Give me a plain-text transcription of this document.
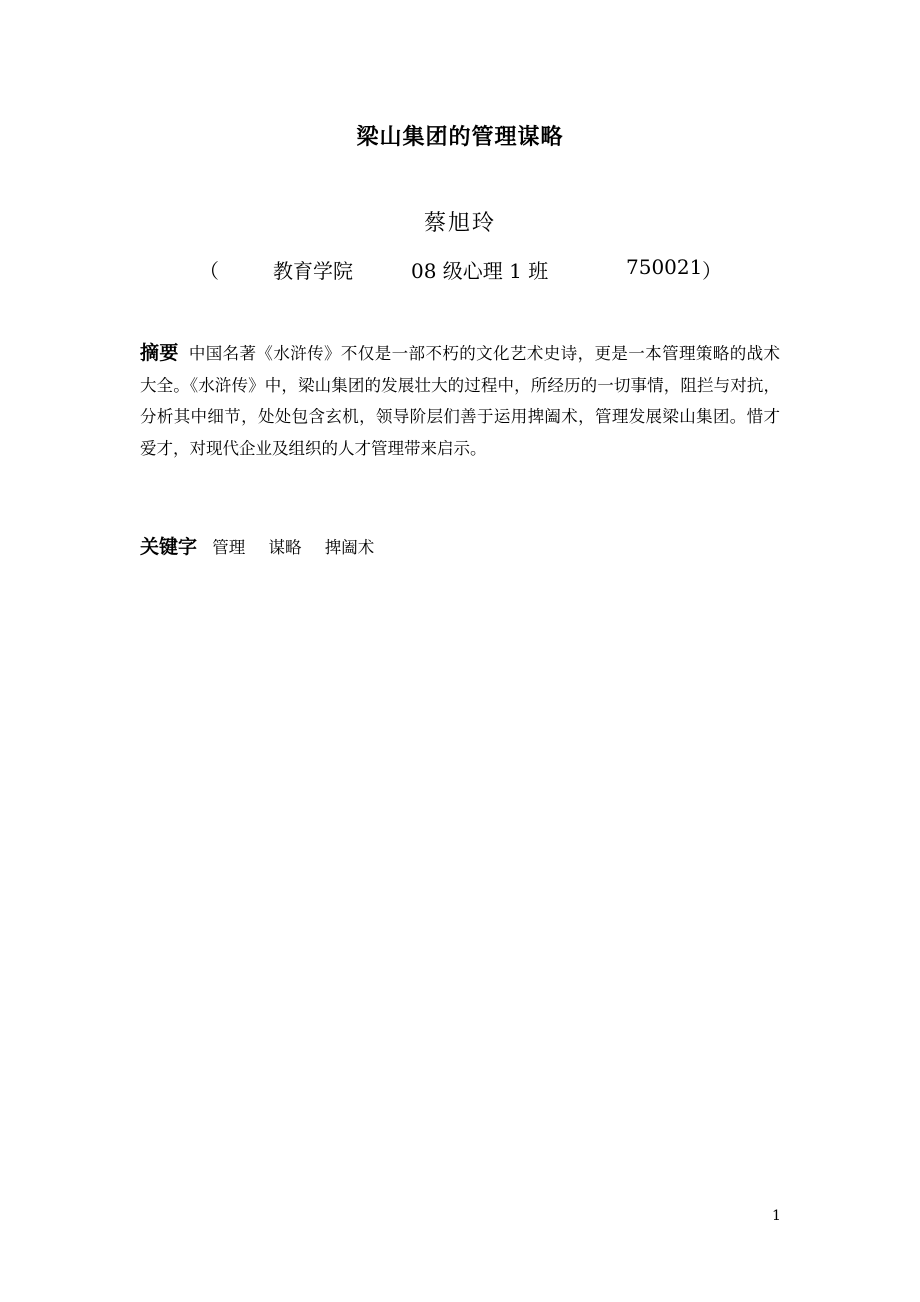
梁山集团的管理谋略
蔡旭玲
（	教育学院	08 级心理 1 班	750021 ）
摘要 中国名著《水浒传》不仅是一部不朽的文化艺术史诗，更是一本管理策略的战术大全。《水浒传》中，梁山集团的发展壮大的过程中，所经历的一切事情，阻拦与对抗，分析其中细节，处处包含玄机，领导阶层们善于运用捭阖术，管理发展梁山集团。惜才爱才，对现代企业及组织的人才管理带来启示。
关键字 管理 谋略 捭阖术
1
